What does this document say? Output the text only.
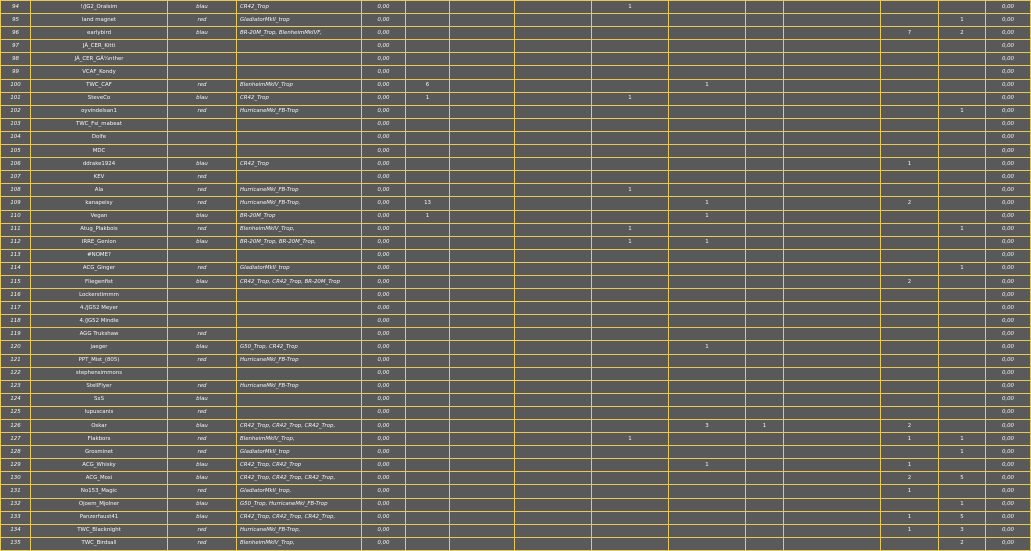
94	!/JG2_Oralsim	blau	CR42_Trop	0,00				1						0,00
95	land magnet	red	GladiatorMkII_trop	0,00									1	0,00
96	earlybird	blau	BR-20M_Trop, BlenheimMkIVF,	0,00								7	2	0,00
97	JÃ_CER_Kitti			0,00										0,00
98	JÃ_CER_GÃ¼nther			0,00										0,00
99	VCAF_Kondy			0,00										0,00
100	TWC_CAF	red	BlenheimMkIV_Trop	0,00	6				1					0,00
101	SteveCo	blau	CR42_Trop	0,00	1			1						0,00
102	oyvindelsan1	red	HurricaneMkI_FB-Trop	0,00									1	0,00
103	TWC_Fsi_mabeat			0,00										0,00
104	Dolfe			0,00										0,00
105	MDC			0,00										0,00
106	ddrake1924	blau	CR42_Trop	0,00								1		0,00
107	KEV	red		0,00										0,00
108	Ala	red	HurricaneMkI_FB-Trop	0,00				1						0,00
109	kanapeisy	red	HurricaneMkI_FB-Trop,	0,00	13				1			2		0,00
110	Vegan	blau	BR-20M_Trop	0,00	1				1					0,00
111	Atug_Plakbois	red	BlenheimMkIV_Trop,	0,00				1					1	0,00
112	IRRE_Genion	blau	BR-20M_Trop, BR-20M_Trop,	0,00				1	1					0,00
113	#NOME?			0,00										0,00
114	ACG_Ginger	red	GladiatorMkII_trop	0,00									1	0,00
115	Fliegenfist	blau	CR42_Trop, CR42_Trop, BR-20M_Trop	0,00								2		0,00
116	Lockerstimmm			0,00										0,00
117	4./JG52 Meyer			0,00										0,00
118	4./JG52 Mindle			0,00										0,00
119	AGG Trukshaw	red		0,00										0,00
120	jaeger	blau	G50_Trop, CR42_Trop	0,00					1					0,00
121	PPT_Mist_(805)	red	HurricaneMkI_FB-Trop	0,00										0,00
122	stephensimmons			0,00										0,00
123	StellFlyer	red	HurricaneMkI_FB-Trop	0,00										0,00
124	SxS	blau		0,00										0,00
125	lupuscanis	red		0,00										0,00
126	Oskar	blau	CR42_Trop, CR42_Trop, CR42_Trop,	0,00					3	1		2		0,00
127	Flakbors	red	BlenheimMkIV_Trop,	0,00				1				1	1	0,00
128	Grosminet	red	GladiatorMkII_trop	0,00									1	0,00
129	ACG_Whisky	blau	CR42_Trop, CR42_Trop	0,00					1			1		0,00
130	ACG_Mosi	blau	CR42_Trop, CR42_Trop, CR42_Trop,	0,00								2	5	0,00
131	No153_Magic	red	GladiatorMkII_trop,	0,00								1		0,00
132	Ojoem_Mjolner	blau	G50_Trop, HurricaneMkI_FB-Trop	0,00									1	0,00
133	Panzerfaust41	blau	CR42_Trop, CR42_Trop, CR42_Trop,	0,00								1	5	0,00
134	TWC_Blacknight	red	HurricaneMkI_FB-Trop,	0,00								1	3	0,00
135	TWC_Birdsall	red	BlenheimMkIV_Trop,	0,00									2	0,00
